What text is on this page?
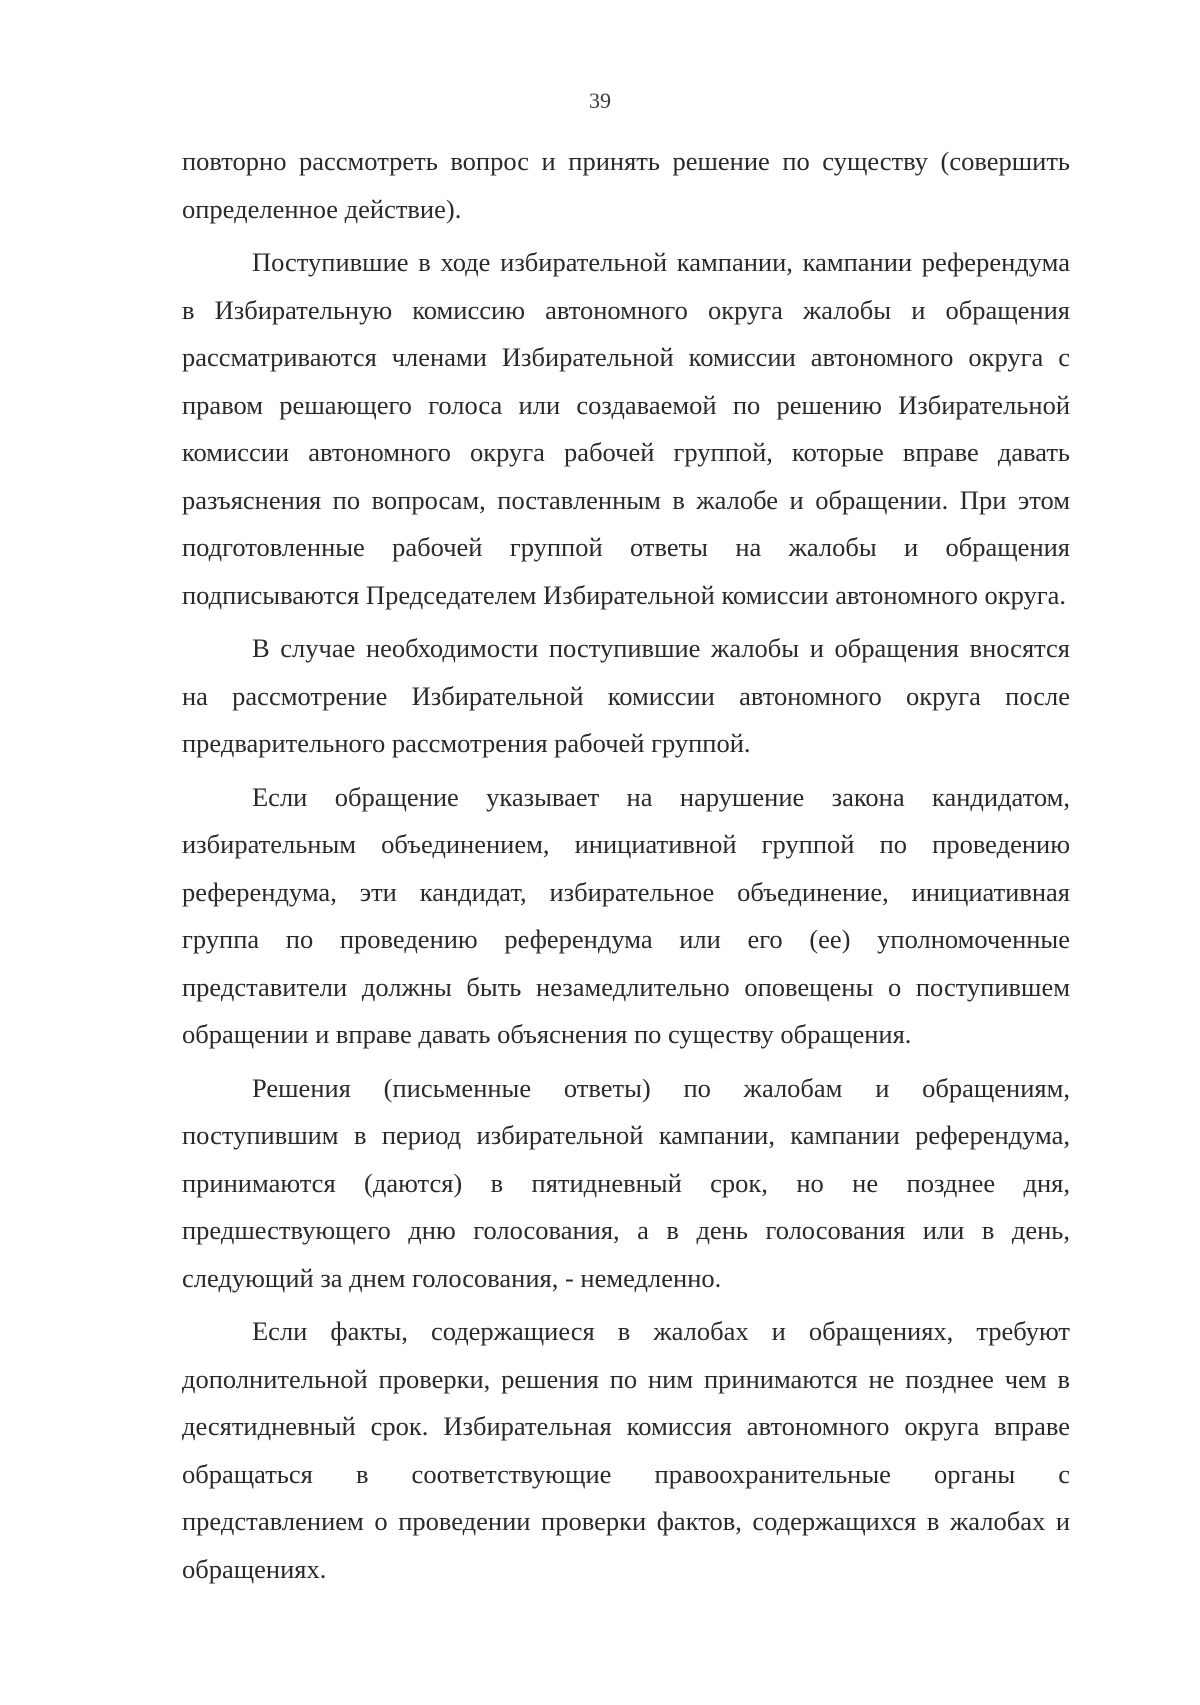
39

повторно рассмотреть вопрос и принять решение по существу (совершить определенное действие).

Поступившие в ходе избирательной кампании, кампании референдума в Избирательную комиссию автономного округа жалобы и обращения рассматриваются членами Избирательной комиссии автономного округа с правом решающего голоса или создаваемой по решению Избирательной комиссии автономного округа рабочей группой, которые вправе давать разъяснения по вопросам, поставленным в жалобе и обращении. При этом подготовленные рабочей группой ответы на жалобы и обращения подписываются Председателем Избирательной комиссии автономного округа.

В случае необходимости поступившие жалобы и обращения вносятся на рассмотрение Избирательной комиссии автономного округа после предварительного рассмотрения рабочей группой.

Если обращение указывает на нарушение закона кандидатом, избирательным объединением, инициативной группой по проведению референдума, эти кандидат, избирательное объединение, инициативная группа по проведению референдума или его (ее) уполномоченные представители должны быть незамедлительно оповещены о поступившем обращении и вправе давать объяснения по существу обращения.

Решения (письменные ответы) по жалобам и обращениям, поступившим в период избирательной кампании, кампании референдума, принимаются (даются) в пятидневный срок, но не позднее дня, предшествующего дню голосования, а в день голосования или в день, следующий за днем голосования, - немедленно.

Если факты, содержащиеся в жалобах и обращениях, требуют дополнительной проверки, решения по ним принимаются не позднее чем в десятидневный срок. Избирательная комиссия автономного округа вправе обращаться в соответствующие правоохранительные органы с представлением о проведении проверки фактов, содержащихся в жалобах и обращениях.
